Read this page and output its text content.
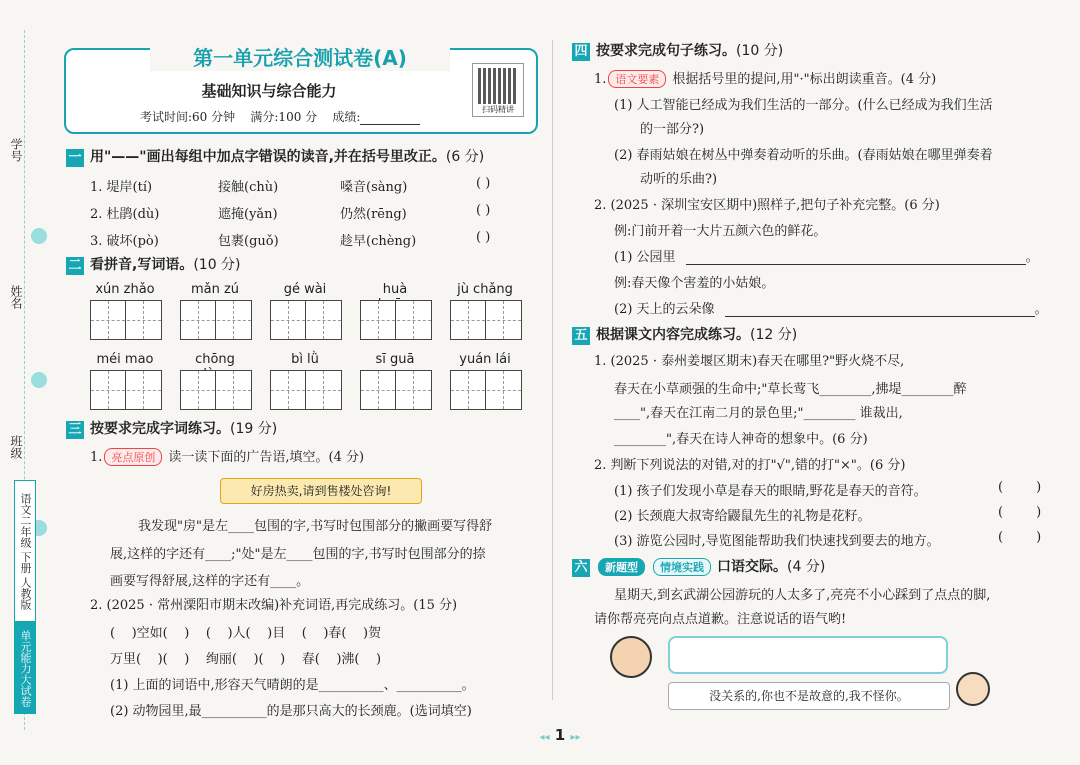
学号
姓名
班级
语文二年级 下册 人教版
单元能力大试卷
第一单元综合测试卷(A)
基础知识与综合能力
考试时间:60 分钟    满分:100 分    成绩:
扫码精讲
一 用"——"画出每组中加点字错误的读音,并在括号里改正。(6 分)
1. 堤岸(tí)	接触(chù)	嗓音(sàng)	( )
2. 杜鹃(dù)	遮掩(yǎn)	仍然(rēng)	( )
3. 破坏(pò)	包裹(guǒ)	趁早(chèng)	( )
二 看拼音,写词语。(10 分)
xún zhǎo	mǎn zú	gé wài	huà	jù chǎng
méi mao	chōng	bì lǜ	sī guā	yuán lái
三 按要求完成字词练习。(19 分)
1. 亮点原创 读一读下面的广告语,填空。(4 分)
好房热卖,请到售楼处咨询!
我发现"房"是左____包围的字,书写时包围部分的撇画要写得舒
展,这样的字还有____;"处"是左____包围的字,书写时包围部分的捺
画要写得舒展,这样的字还有____。
2. (2025 · 常州溧阳市期末改编)补充词语,再完成练习。(15 分)
(    )空如(    )    (    )人(    )目    (    )春(    )贺
万里(    )(    )    绚丽(    )(    )    春(    )沸(    )
(1) 上面的词语中,形容天气晴朗的是__________、__________。
(2) 动物园里,最__________的是那只高大的长颈鹿。(选词填空)
四 按要求完成句子练习。(10 分)
1. 语文要素 根据括号里的提问,用"·"标出朗读重音。(4 分)
(1) 人工智能已经成为我们生活的一部分。(什么已经成为我们生活
的一部分?)
(2) 春雨姑娘在树丛中弹奏着动听的乐曲。(春雨姑娘在哪里弹奏着
动听的乐曲?)
2. (2025 · 深圳宝安区期中)照样子,把句子补充完整。(6 分)
例:门前开着一大片五颜六色的鲜花。
(1) 公园里	。
例:春天像个害羞的小姑娘。
(2) 天上的云朵像	。
五 根据课文内容完成练习。(12 分)
1. (2025 · 泰州姜堰区期末)春天在哪里?"野火烧不尽,
春天在小草顽强的生命中;"草长莺飞________,拂堤________醉
____",春天在江南二月的景色里;"________ 谁裁出,
________",春天在诗人神奇的想象中。(6 分)
2. 判断下列说法的对错,对的打"√",错的打"×"。(6 分)
(1) 孩子们发现小草是春天的眼睛,野花是春天的音符。	(        )
(2) 长颈鹿大叔寄给鼹鼠先生的礼物是花籽。	(        )
(3) 游览公园时,导览图能帮助我们快速找到要去的地方。	(        )
六 新题型 情境实践 口语交际。(4 分)
星期天,到玄武湖公园游玩的人太多了,亮亮不小心踩到了点点的脚,
请你帮亮亮向点点道歉。注意说话的语气哟!
没关系的,你也不是故意的,我不怪你。
◂◂ 1 ▸▸
